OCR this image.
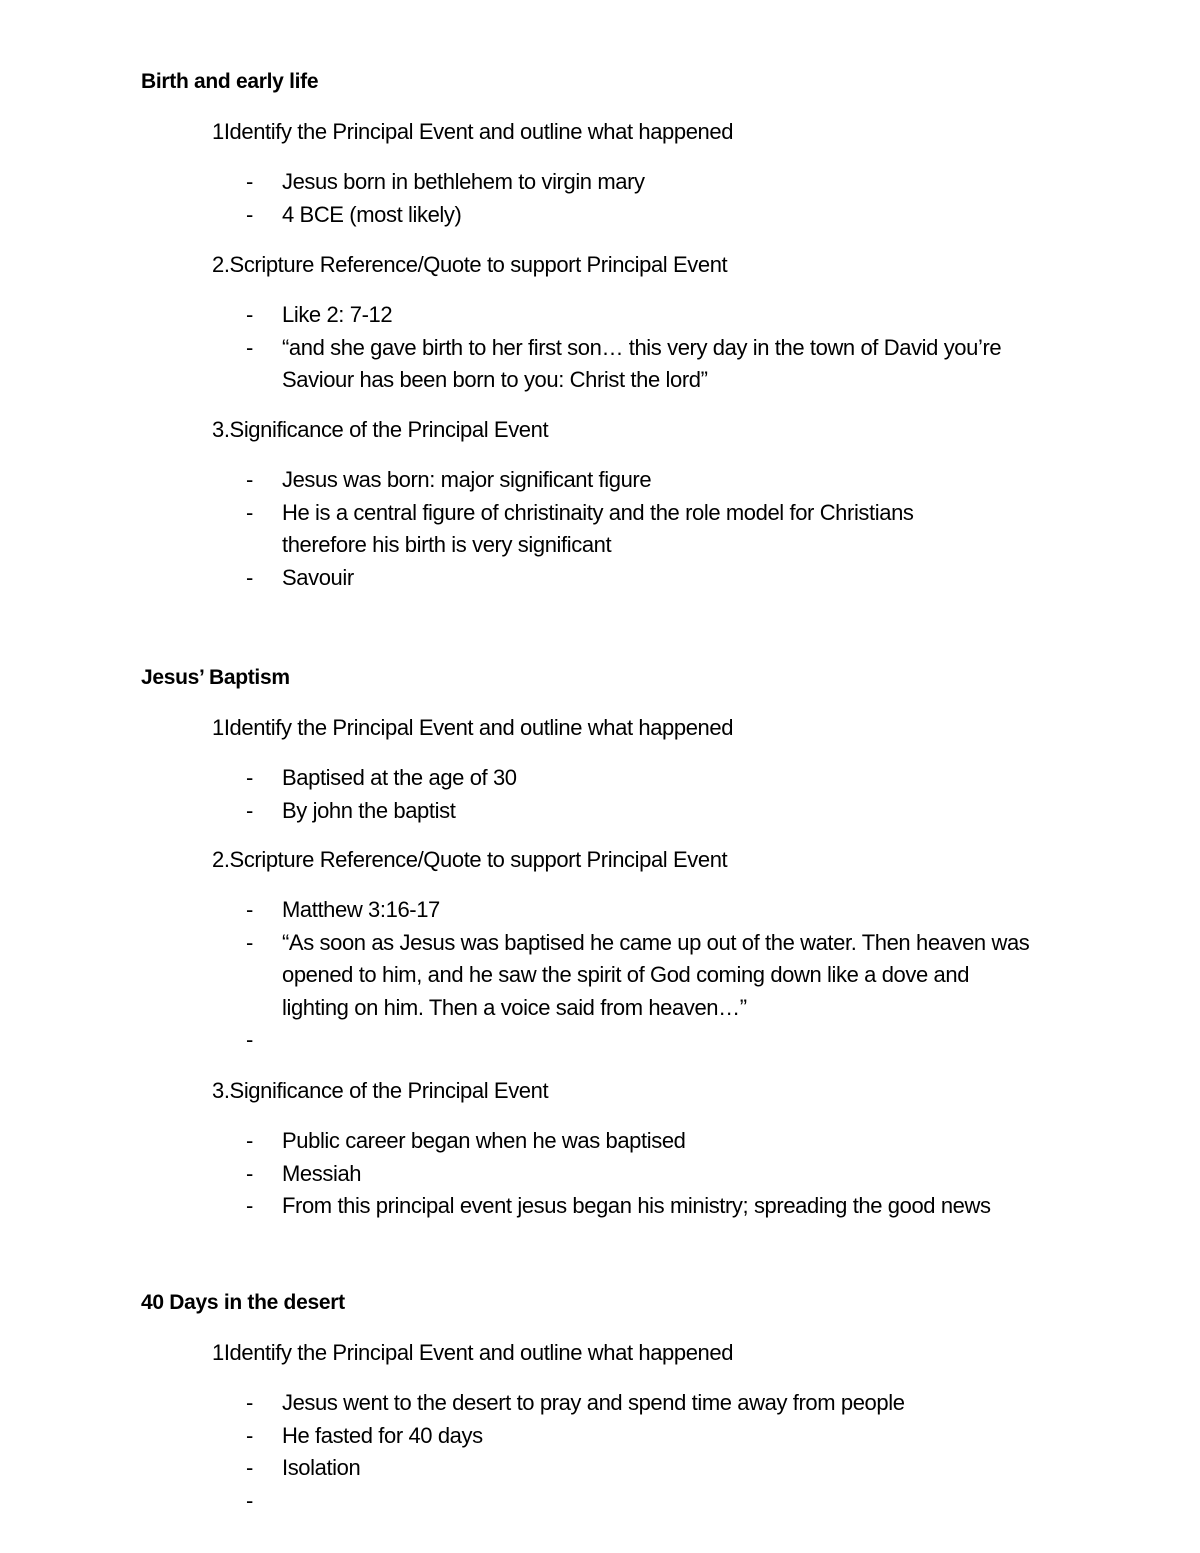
Birth and early life

1Identify the Principal Event and outline what happened

- Jesus born in bethlehem to virgin mary
- 4 BCE (most likely)

2.Scripture Reference/Quote to support Principal Event

- Like 2: 7-12
- “and she gave birth to her first son… this very day in the town of David you’re  Saviour has been born to you: Christ the lord”

3.Significance of the Principal Event

- Jesus was born: major significant figure
- He is a central figure of christinaity and the role model for Christians therefore his birth is very significant
- Savouir
Jesus’ Baptism

1Identify the Principal Event and outline what happened

- Baptised at the age of 30
- By john the baptist

2.Scripture Reference/Quote to support Principal Event

- Matthew 3:16-17
- “As soon as Jesus was baptised he came up out of the water. Then heaven was opened to him, and he saw the spirit of God coming down like a dove and lighting on him. Then a voice said from heaven…”
-

3.Significance of the Principal Event

- Public career began when he was baptised
- Messiah
- From this principal event jesus began his ministry; spreading the good news
40 Days in the desert

1Identify the Principal Event and outline what happened

- Jesus went to the desert to pray and spend time away from people
- He fasted for 40 days
- Isolation
-
